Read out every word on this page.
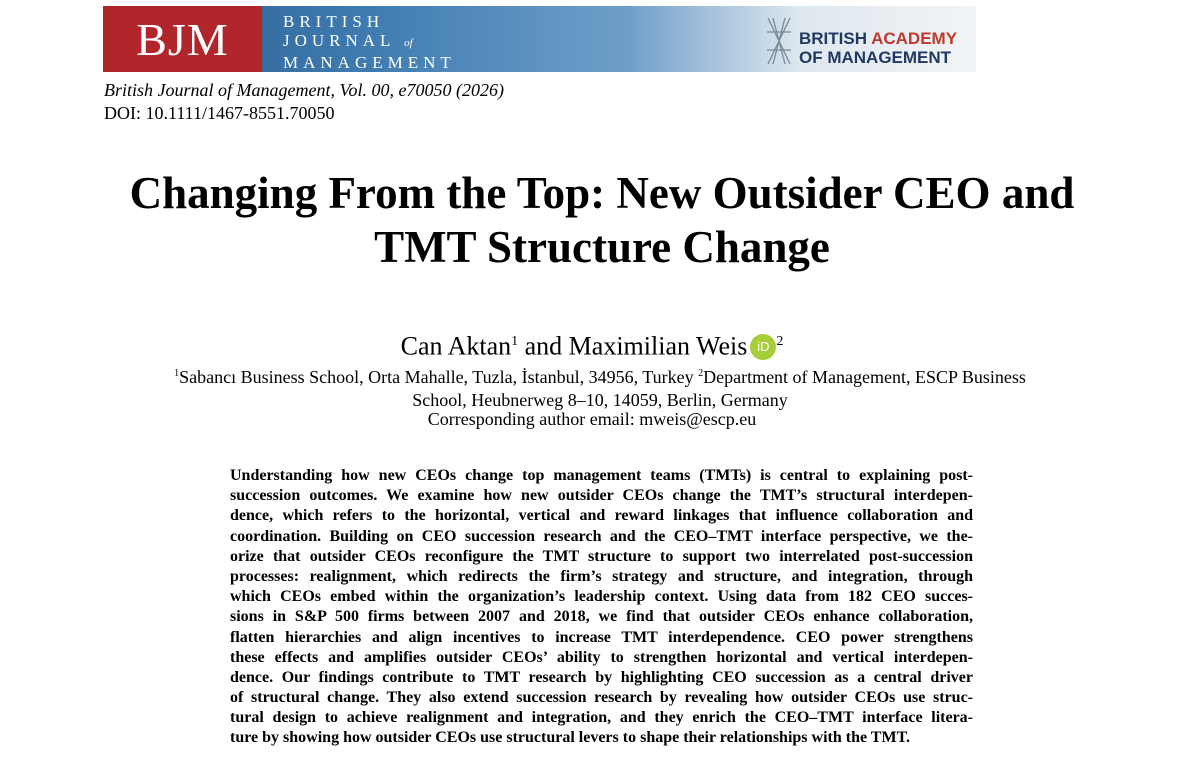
BJM	BRITISH
JOURNAL of
MANAGEMENT
BRITISH ACADEMY
OF MANAGEMENT
British Journal of Management, Vol. 00, e70050 (2026)
DOI: 10.1111/1467-8551.70050
Changing From the Top: New Outsider CEO and
TMT Structure Change
Can Aktan$^1$ and Maximilian Weis iD $^2$
$^1$Sabancı Business School, Orta Mahalle, Tuzla, İstanbul, 34956, Turkey $^2$Department of Management, ESCP Business
School, Heubnerweg 8–10, 14059, Berlin, Germany
Corresponding author email: mweis@escp.eu
Understanding how new CEOs change top management teams (TMTs) is central to explaining post-
succession outcomes. We examine how new outsider CEOs change the TMT’s structural interdepen-
dence, which refers to the horizontal, vertical and reward linkages that influence collaboration and
coordination. Building on CEO succession research and the CEO–TMT interface perspective, we the-
orize that outsider CEOs reconfigure the TMT structure to support two interrelated post-succession
processes: realignment, which redirects the firm’s strategy and structure, and integration, through
which CEOs embed within the organization’s leadership context. Using data from 182 CEO succes-
sions in S&P 500 firms between 2007 and 2018, we find that outsider CEOs enhance collaboration,
flatten hierarchies and align incentives to increase TMT interdependence. CEO power strengthens
these effects and amplifies outsider CEOs’ ability to strengthen horizontal and vertical interdepen-
dence. Our findings contribute to TMT research by highlighting CEO succession as a central driver
of structural change. They also extend succession research by revealing how outsider CEOs use struc-
tural design to achieve realignment and integration, and they enrich the CEO–TMT interface litera-
ture by showing how outsider CEOs use structural levers to shape their relationships with the TMT.
